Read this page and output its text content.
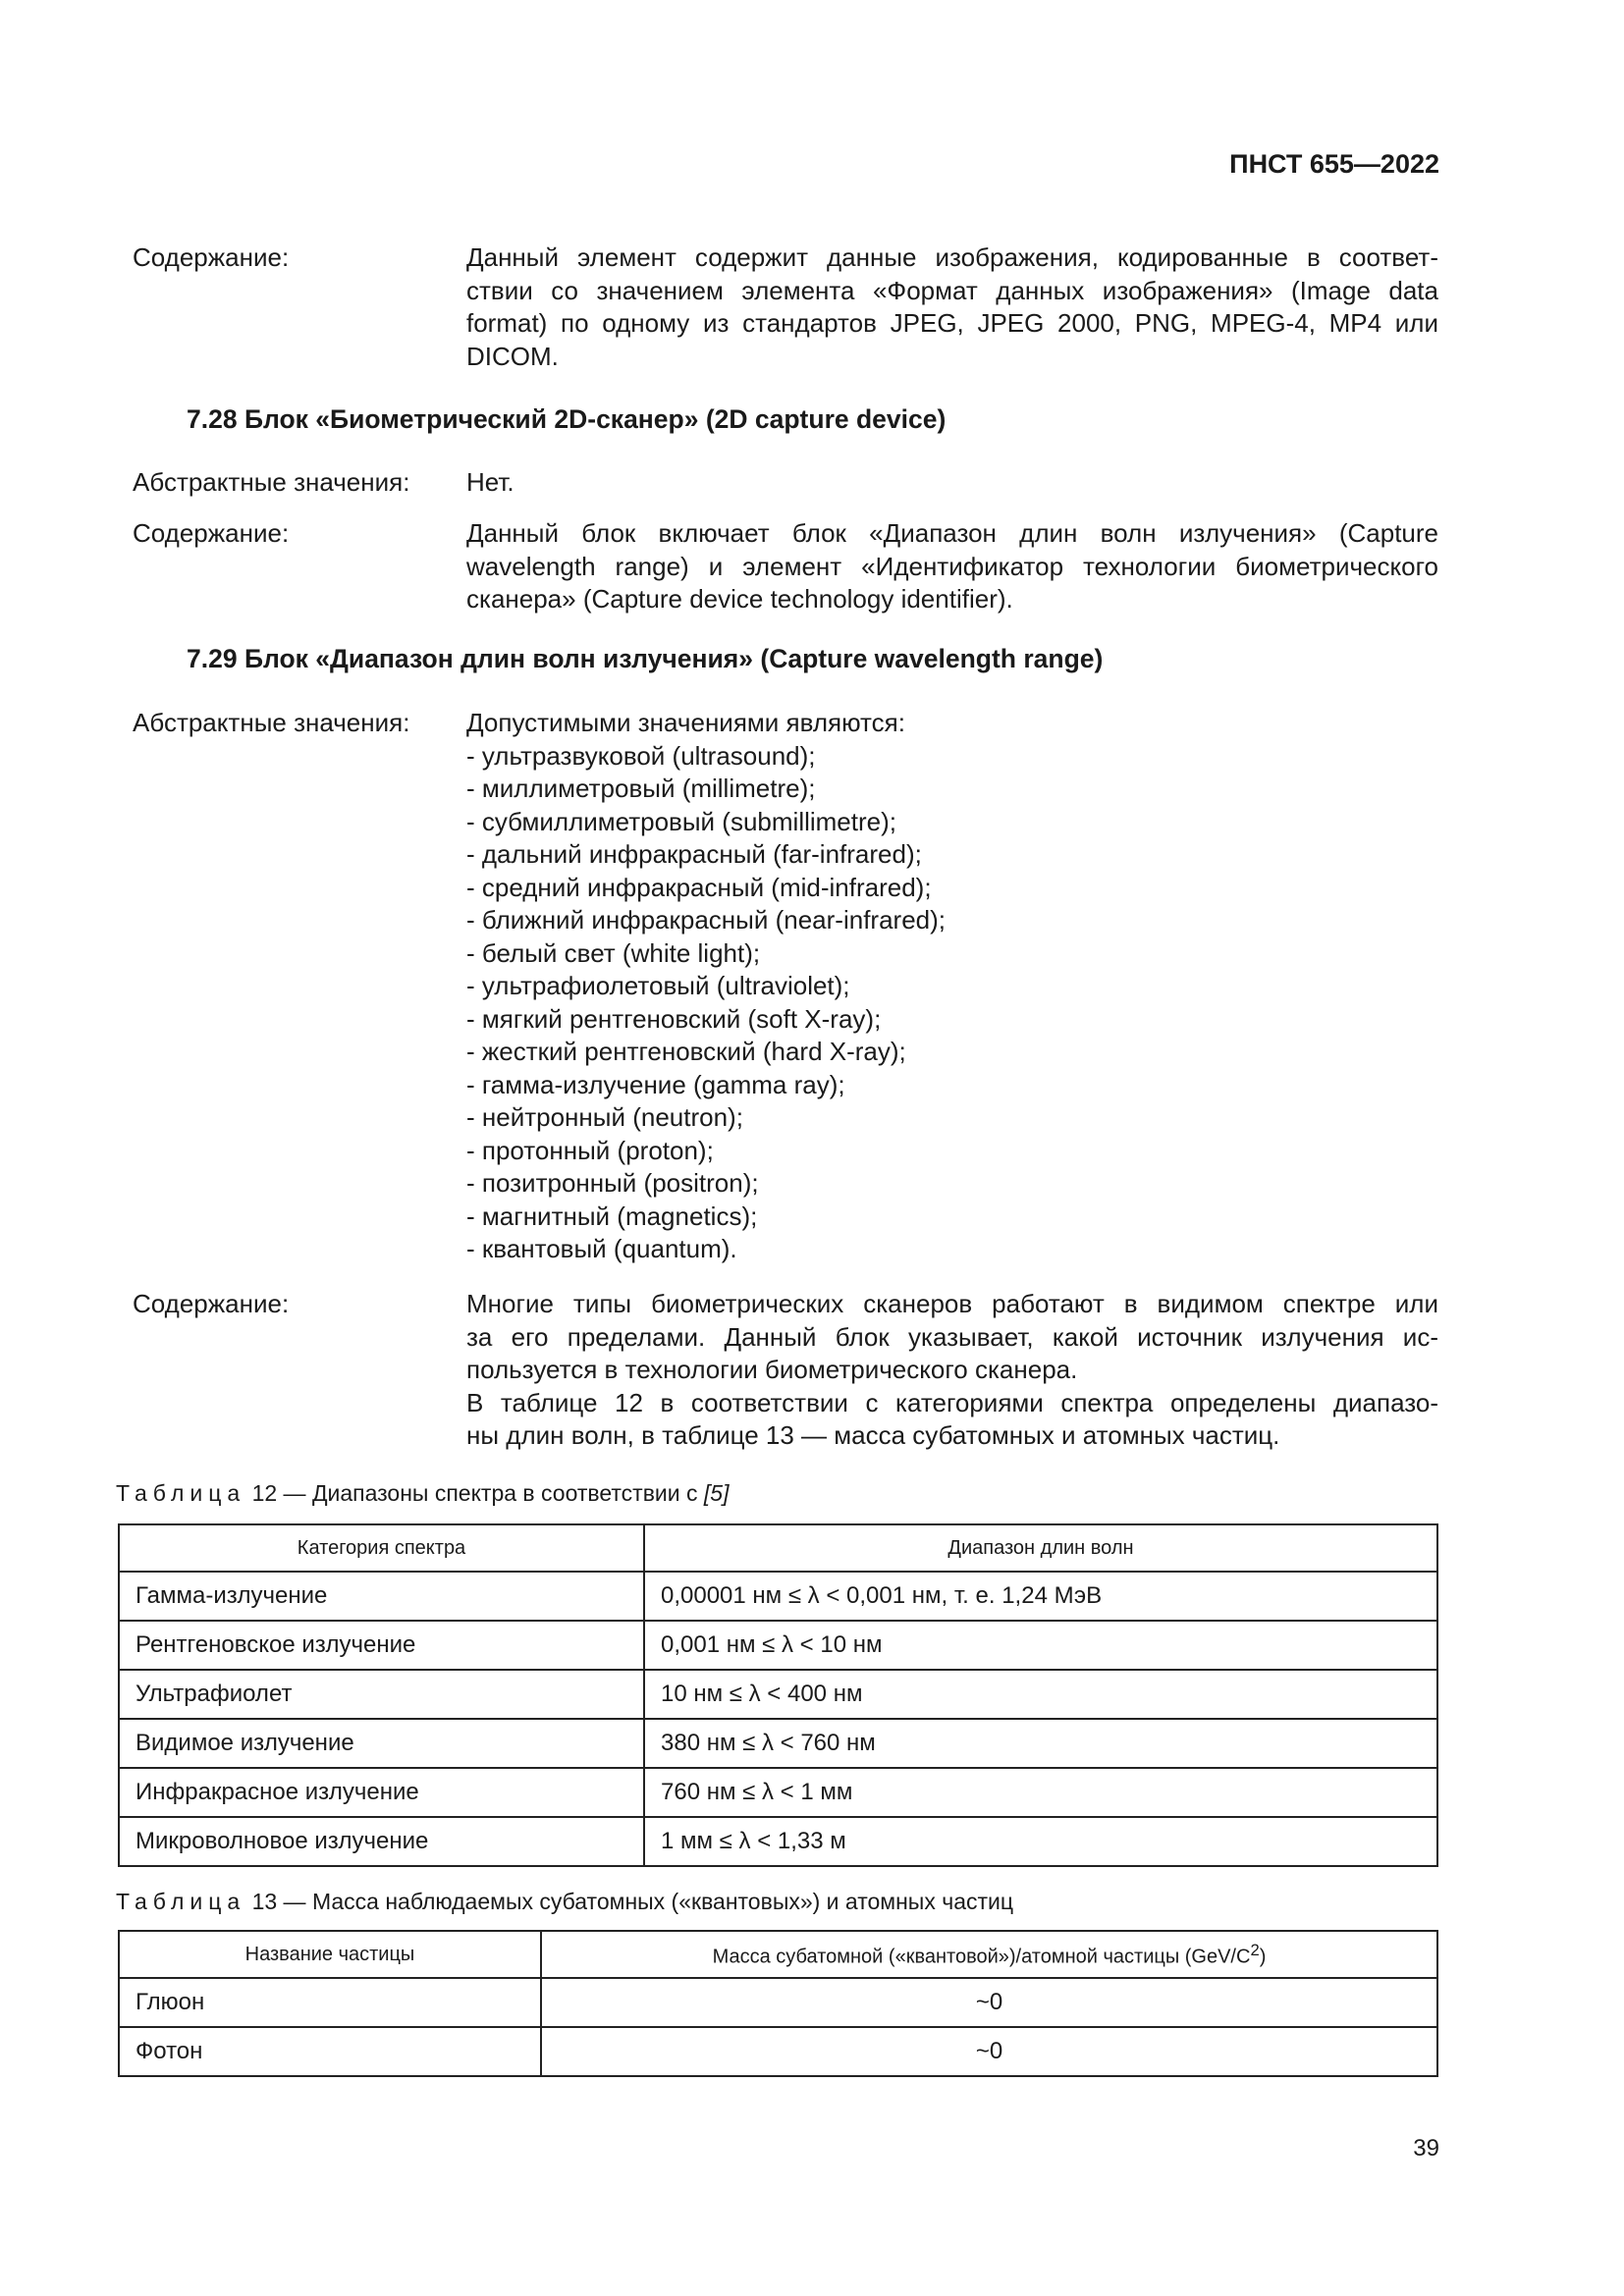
ПНСТ 655—2022
Содержание:	Данный элемент содержит данные изображения, кодированные в соответ-
ствии со значением элемента «Формат данных изображения» (Image data
format) по одному из стандартов JPEG, JPEG 2000, PNG, MPEG-4, MP4 или
DICOM.
7.28 Блок «Биометрический 2D-сканер» (2D capture device)
Абстрактные значения:	Нет.
Содержание:	Данный блок включает блок «Диапазон длин волн излучения» (Capture
wavelength range) и элемент «Идентификатор технологии биометрического
сканера» (Capture device technology identifier).
7.29 Блок «Диапазон длин волн излучения» (Capture wavelength range)
Абстрактные значения:	Допустимыми значениями являются:
- ультразвуковой (ultrasound);
- миллиметровый (millimetre);
- субмиллиметровый (submillimetre);
- дальний инфракрасный (far-infrared);
- средний инфракрасный (mid-infrared);
- ближний инфракрасный (near-infrared);
- белый свет (white light);
- ультрафиолетовый (ultraviolet);
- мягкий рентгеновский (soft X-ray);
- жесткий рентгеновский (hard X-ray);
- гамма-излучение (gamma ray);
- нейтронный (neutron);
- протонный (proton);
- позитронный (positron);
- магнитный (magnetics);
- квантовый (quantum).
Содержание:	Многие типы биометрических сканеров работают в видимом спектре или
за его пределами. Данный блок указывает, какой источник излучения ис-
пользуется в технологии биометрического сканера.
В таблице 12 в соответствии с категориями спектра определены диапазо-
ны длин волн, в таблице 13 — масса субатомных и атомных частиц.
Таблица 12 — Диапазоны спектра в соответствии с [5]
Категория спектра	Диапазон длин волн
Гамма-излучение	0,00001 нм ≤ λ < 0,001 нм, т. е. 1,24 МэВ
Рентгеновское излучение	0,001 нм ≤ λ < 10 нм
Ультрафиолет	10 нм ≤ λ < 400 нм
Видимое излучение	380 нм ≤ λ < 760 нм
Инфракрасное излучение	760 нм ≤ λ < 1 мм
Микроволновое излучение	1 мм ≤ λ < 1,33 м
Таблица 13 — Масса наблюдаемых субатомных («квантовых») и атомных частиц
Название частицы	Масса субатомной («квантовой»)/атомной частицы $(GeV/C^2)$
Глюон	~0
Фотон	~0
39
